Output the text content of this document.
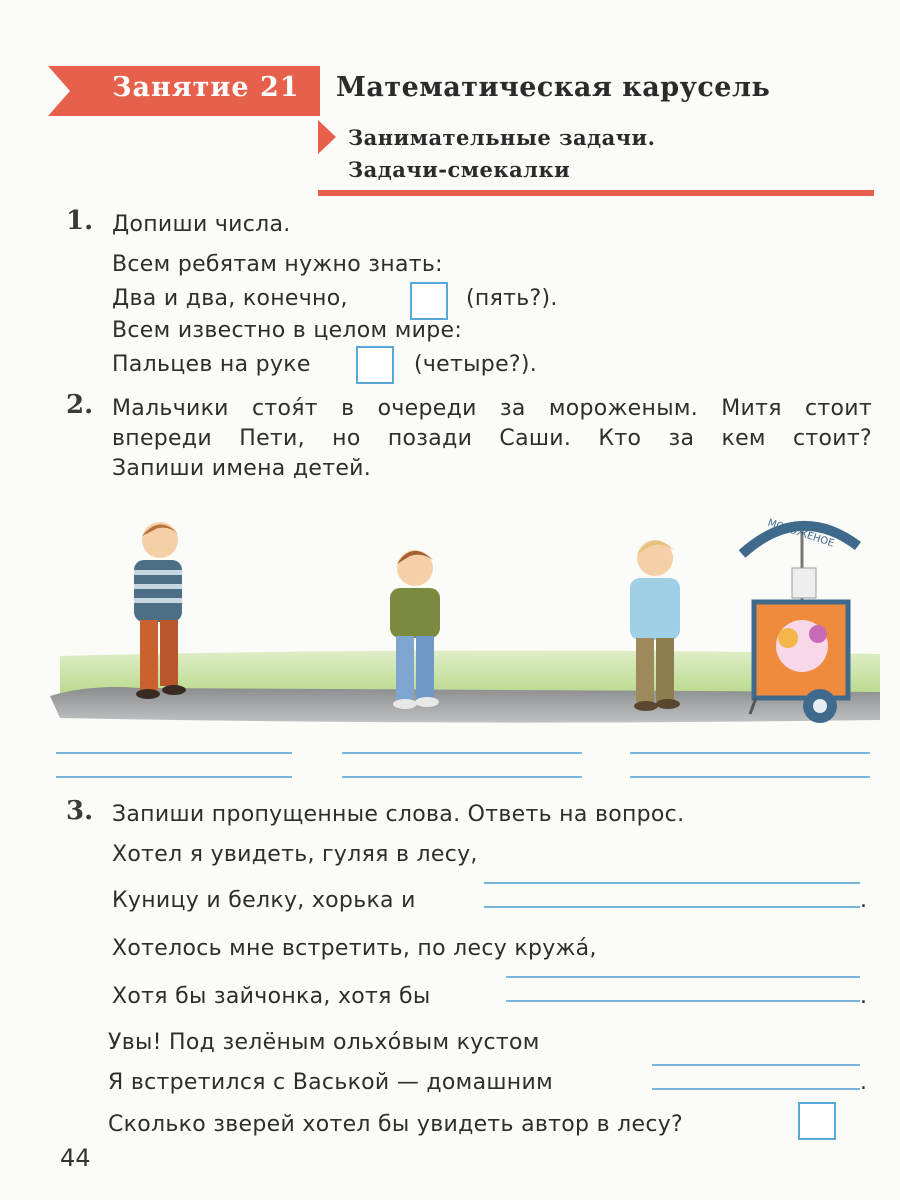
Занятие 21 Математическая карусель
Занимательные задачи.
Задачи-смекалки
1. Допиши числа.
Всем ребятам нужно знать:
Два и два, конечно,	(пять?).
Всем известно в целом мире:
Пальцев на руке	(четыре?).
2. Мальчики стоя́т в очереди за мороженым. Митя стоит
впереди Пети, но позади Саши. Кто за кем стоит?
Запиши имена детей.
МОРОЖЕНОЕ
3. Запиши пропущенные слова. Ответь на вопрос.
Хотел я увидеть, гуляя в лесу,
Куницу и белку, хорька и	.
Хотелось мне встретить, по лесу кружа́,
Хотя бы зайчонка, хотя бы	.
Увы! Под зелёным ольхо́вым кустом
Я встретился с Васькой — домашним	.
Сколько зверей хотел бы увидеть автор в лесу?
44
